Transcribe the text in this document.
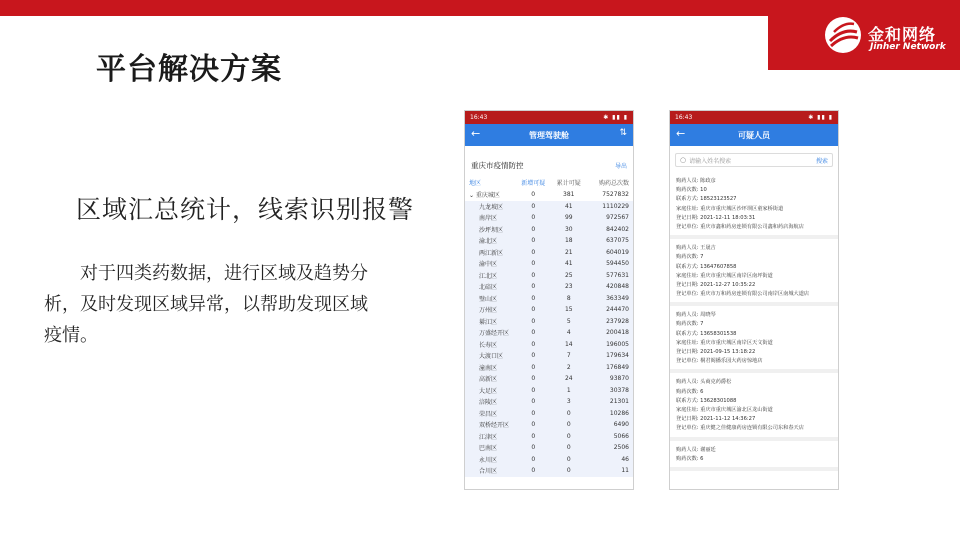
金和网络
Jinher Network
平台解决方案
区域汇总统计，线索识别报警
对于四类药数据，进行区域及趋势分析，及时发现区域异常，以帮助发现区域疫情。
16:43	✱ ▮▮ ▮
←	管理驾驶舱	⇅
重庆市疫情防控	导出
地区	新增可疑	累计可疑	购药总次数
⌄ 重庆城区	0	381	7527832
九龙坡区	0	41	1110229
南岸区	0	99	972567
沙坪坝区	0	30	842402
渝北区	0	18	637075
两江新区	0	21	604019
渝中区	0	41	594450
江北区	0	25	577631
北碚区	0	23	420848
璧山区	0	8	363349
万州区	0	15	244470
綦江区	0	5	237928
万盛经开区	0	4	200418
长寿区	0	14	196005
大渡口区	0	7	179634
潼南区	0	2	176849
高新区	0	24	93870
大足区	0	1	30378
涪陵区	0	3	21301
荣昌区	0	0	10286
双桥经开区	0	0	6490
江津区	0	0	5066
巴南区	0	0	2506
永川区	0	0	46
合川区	0	0	11
16:43	✱ ▮▮ ▮
←	可疑人员
○ 请输入姓名搜索	搜索
购药人员: 陈政彦
购药次数: 10
联系方式: 18523123527
家庭住址: 重庆市重庆城区沙坪坝区童家桥街道
登记日期: 2021-12-11 18:03:31
登记单位: 重庆市鑫和药房连锁有限公司鑫和药店海航店
购药人员: 王晟吉
购药次数: 7
联系方式: 13647607858
家庭住址: 重庆市重庆城区南岸区南坪街道
登记日期: 2021-12-27 10:35:22
登记单位: 重庆市万和药房连锁有限公司南岸区南城大道店
购药人员: 周晓琴
购药次数: 7
联系方式: 13658301538
家庭住址: 重庆市重庆城区南岸区天文街道
登记日期: 2021-09-15 13:18:22
登记单位: 桐君阁播乐园大药房惊地店
购药人员: 头商克药爵松
购药次数: 6
联系方式: 13628301088
家庭住址: 重庆市重庆城区渝北区龙山街道
登记日期: 2021-11-12 14:36:27
登记单位: 重庆健之佳健康药房连锁有限公司东和春天店
购药人员: 谢丽廷
购药次数: 6
